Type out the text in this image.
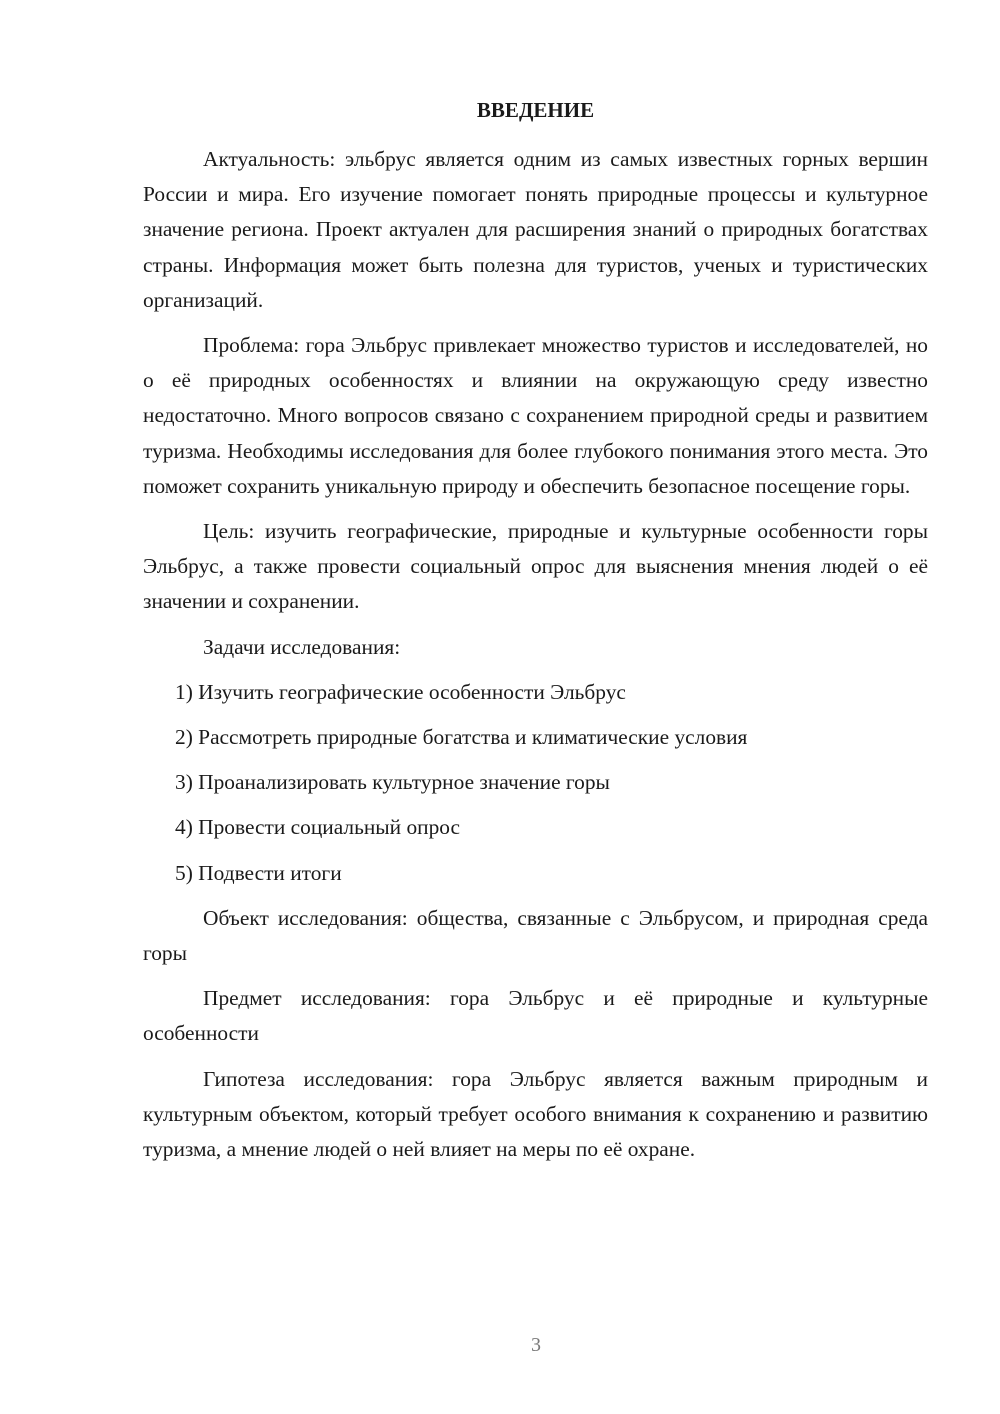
ВВЕДЕНИЕ

Актуальность: эльбрус является одним из самых известных горных вершин России и мира. Его изучение помогает понять природные процессы и культурное значение региона. Проект актуален для расширения знаний о природных богатствах страны. Информация может быть полезна для туристов, ученых и туристических организаций.

Проблема: гора Эльбрус привлекает множество туристов и исследователей, но о её природных особенностях и влиянии на окружающую среду известно недостаточно. Много вопросов связано с сохранением природной среды и развитием туризма. Необходимы исследования для более глубокого понимания этого места. Это поможет сохранить уникальную природу и обеспечить безопасное посещение горы.

Цель: изучить географические, природные и культурные особенности горы Эльбрус, а также провести социальный опрос для выяснения мнения людей о её значении и сохранении.

Задачи исследования:

1) Изучить географические особенности Эльбрус
2) Рассмотреть природные богатства и климатические условия
3) Проанализировать культурное значение горы
4) Провести социальный опрос
5) Подвести итоги

Объект исследования: общества, связанные с Эльбрусом, и природная среда горы

Предмет исследования: гора Эльбрус и её природные и культурные особенности

Гипотеза исследования: гора Эльбрус является важным природным и культурным объектом, который требует особого внимания к сохранению и развитию туризма, а мнение людей о ней влияет на меры по её охране.

3
